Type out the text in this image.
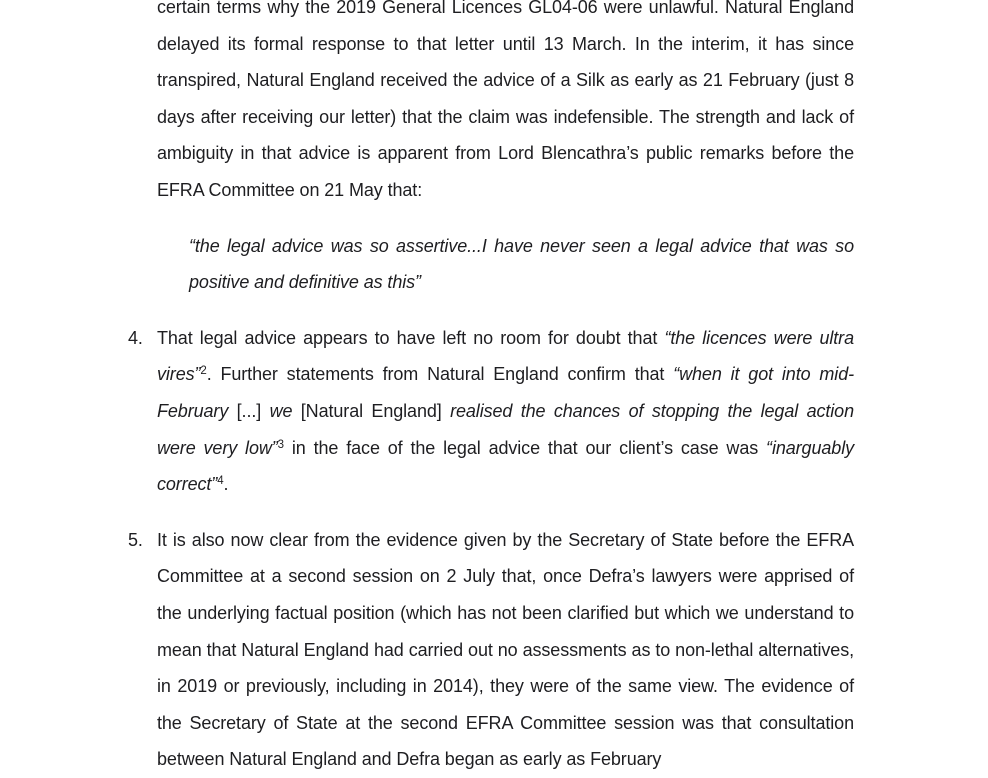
certain terms why the 2019 General Licences GL04-06 were unlawful. Natural England delayed its formal response to that letter until 13 March. In the interim, it has since transpired, Natural England received the advice of a Silk as early as 21 February (just 8 days after receiving our letter) that the claim was indefensible. The strength and lack of ambiguity in that advice is apparent from Lord Blencathra’s public remarks before the EFRA Committee on 21 May that:
“the legal advice was so assertive...I have never seen a legal advice that was so positive and definitive as this”
4. That legal advice appears to have left no room for doubt that “the licences were ultra vires”$^2$. Further statements from Natural England confirm that “when it got into mid-February [...] we [Natural England] realised the chances of stopping the legal action were very low”$^3$ in the face of the legal advice that our client’s case was “inarguably correct”$^4$.
5. It is also now clear from the evidence given by the Secretary of State before the EFRA Committee at a second session on 2 July that, once Defra’s lawyers were apprised of the underlying factual position (which has not been clarified but which we understand to mean that Natural England had carried out no assessments as to non-lethal alternatives, in 2019 or previously, including in 2014), they were of the same view. The evidence of the Secretary of State at the second EFRA Committee session was that consultation between Natural England and Defra began as early as February
